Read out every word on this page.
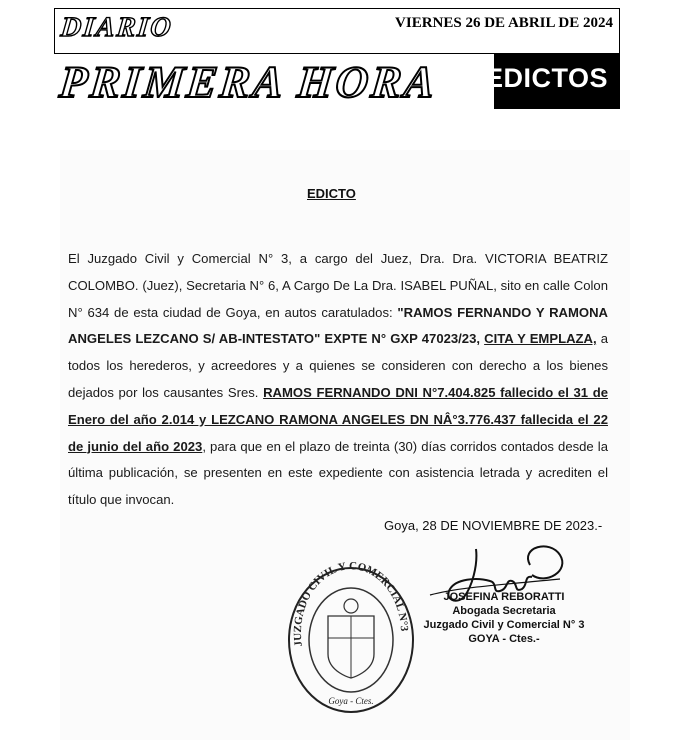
DIARIO	VIERNES 26 DE ABRIL DE 2024
PRIMERA HORA EDICTOS
EDICTO
El Juzgado Civil y Comercial N° 3, a cargo del Juez, Dra. Dra. VICTORIA BEATRIZ COLOMBO. (Juez), Secretaria N° 6, A Cargo De La Dra. ISABEL PUÑAL, sito en calle Colon N° 634 de esta ciudad de Goya, en autos caratulados: "RAMOS FERNANDO Y RAMONA ANGELES LEZCANO S/ AB-INTESTATO" EXPTE N° GXP 47023/23, CITA Y EMPLAZA, a todos los herederos, y acreedores y a quienes se consideren con derecho a los bienes dejados por los causantes Sres. RAMOS FERNANDO DNI N°7.404.825 fallecido el 31 de Enero del año 2.014 y LEZCANO RAMONA ANGELES DN NÂ°3.776.437 fallecida el 22 de junio del año 2023, para que en el plazo de treinta (30) días corridos contados desde la última publicación, se presenten en este expediente con asistencia letrada y acrediten el título que invocan.
Goya, 28 DE NOVIEMBRE DE 2023.-
JOSEFINA REBORATTI
Abogada Secretaria
Juzgado Civil y Comercial N° 3
GOYA - Ctes.-
JUZGADO CIVIL Y COMERCIAL N°3
Goya - Ctes.
